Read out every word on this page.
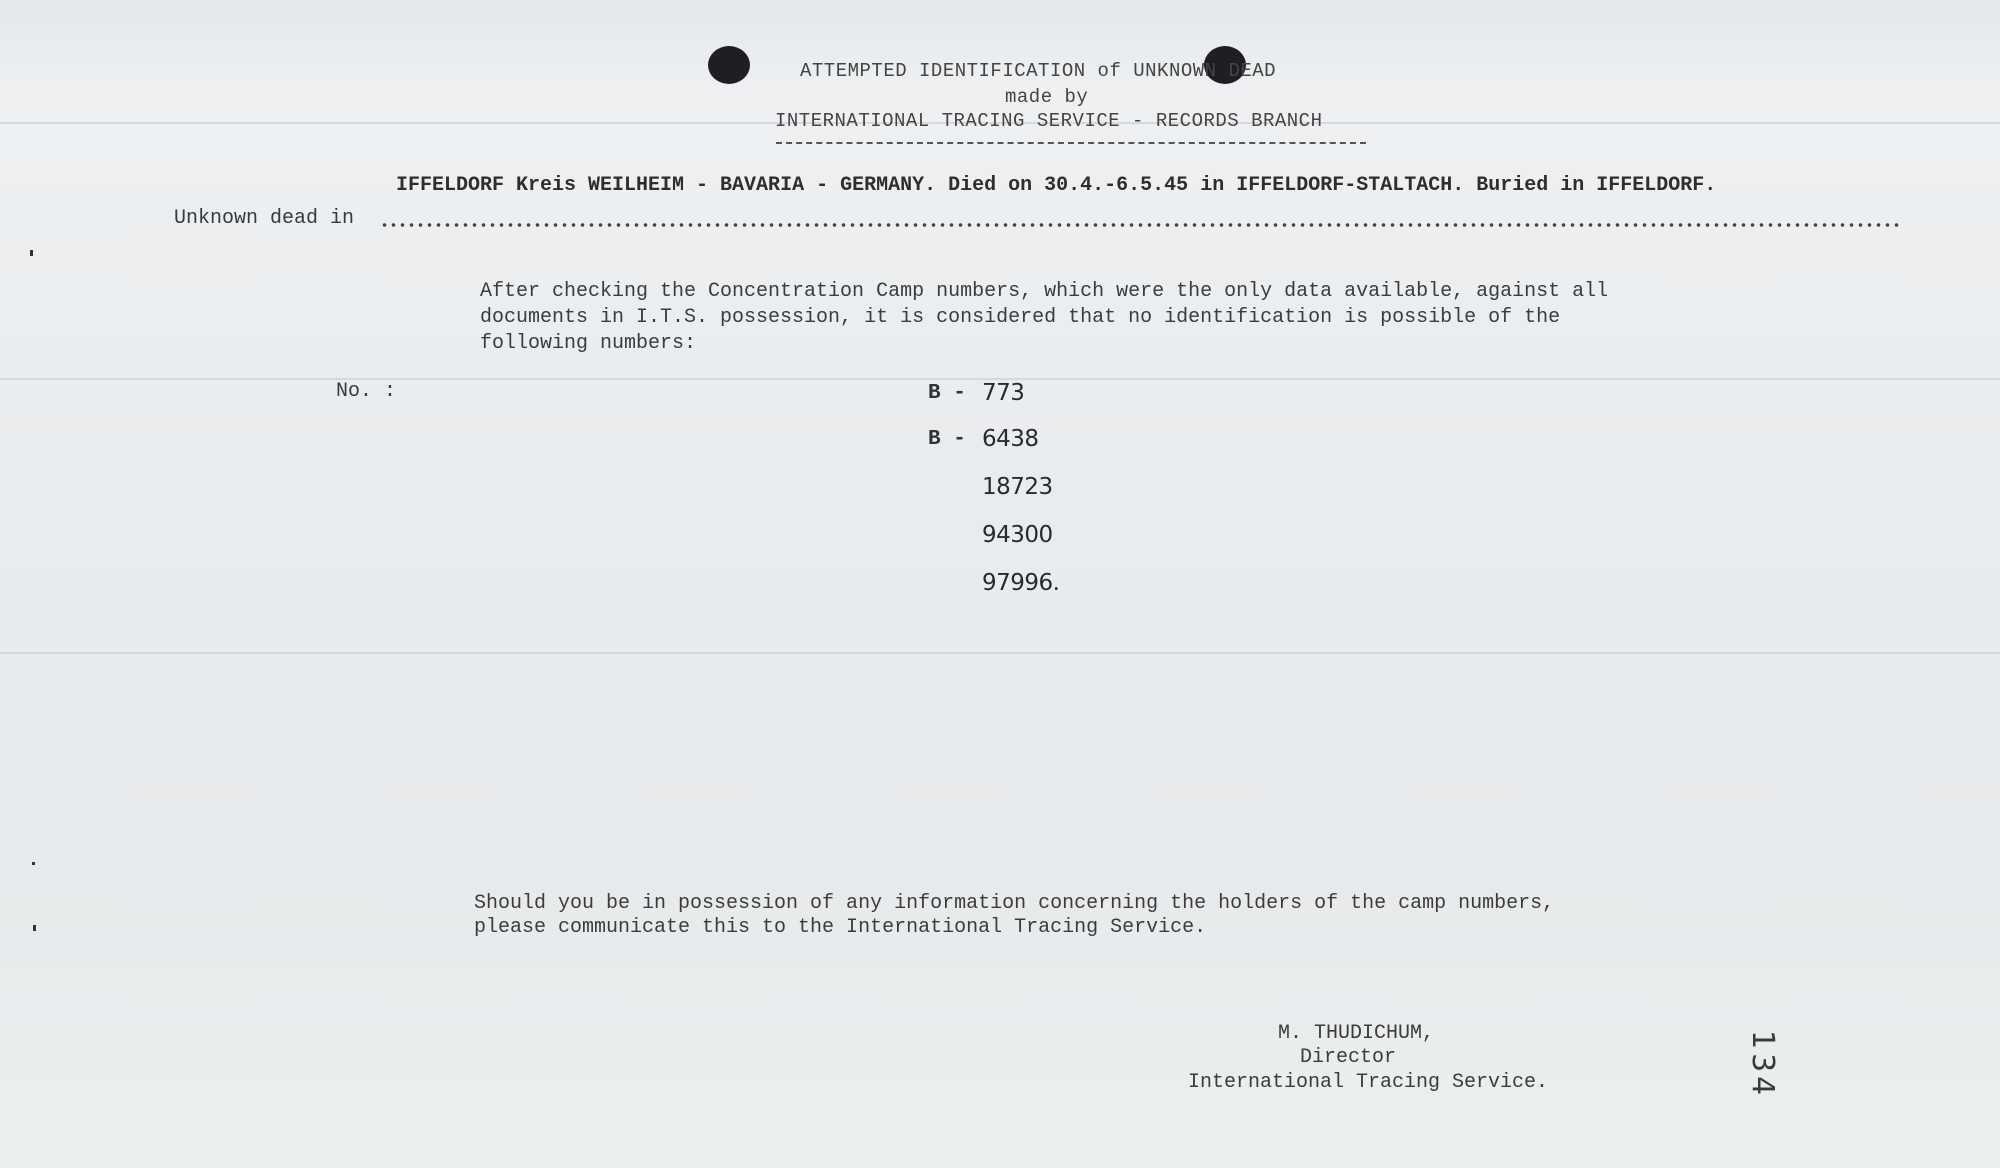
ATTEMPTED IDENTIFICATION of UNKNOWN DEAD
made by
INTERNATIONAL TRACING SERVICE - RECORDS BRANCH
IFFELDORF Kreis WEILHEIM - BAVARIA - GERMANY. Died on 30.4.-6.5.45 in IFFELDORF-STALTACH. Buried in IFFELDORF.
Unknown dead in
After checking the Concentration Camp numbers, which were the only data available, against all
documents in I.T.S. possession, it is considered that no identification is possible of the
following numbers:
No. :	B - 773
B - 6438
18723
94300
97996.
Should you be in possession of any information concerning the holders of the camp numbers,
please communicate this to the International Tracing Service.
M. THUDICHUM,
Director
International Tracing Service.	134
